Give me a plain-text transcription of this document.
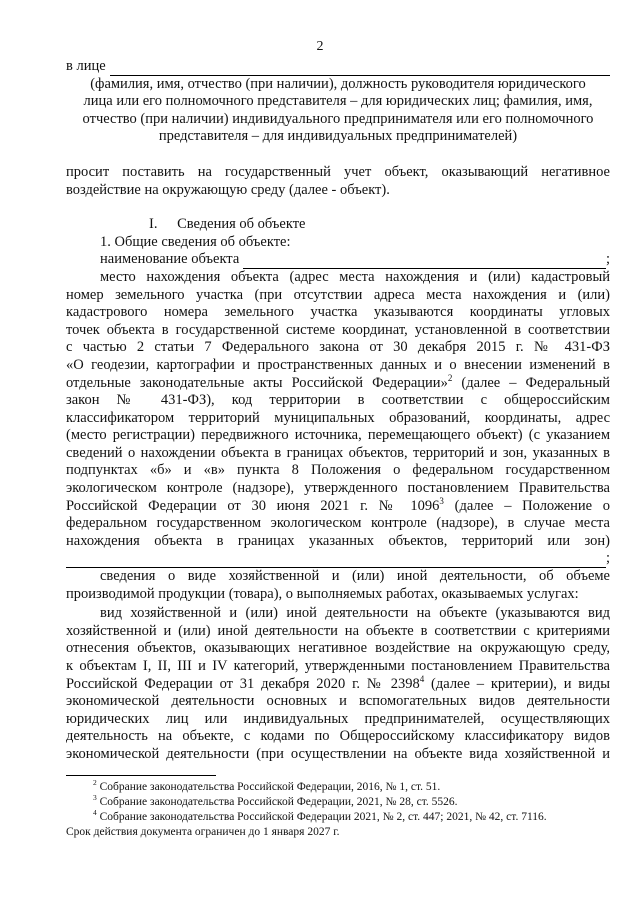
2
в лице
(фамилия, имя, отчество (при наличии), должность руководителя юридического
лица или его полномочного представителя – для юридических лиц; фамилия, имя,
отчество (при наличии) индивидуального предпринимателя или его полномочного
представителя – для индивидуальных предпринимателей)
просит поставить на государственный учет объект, оказывающий негативное
воздействие на окружающую среду (далее - объект).
I. Сведения об объекте
1. Общие сведения об объекте:
наименование объекта	;
место нахождения объекта (адрес места нахождения и (или) кадастровый
номер земельного участка (при отсутствии адреса места нахождения и (или)
кадастрового номера земельного участка указываются координаты угловых
точек объекта в государственной системе координат, установленной в соответствии
с частью 2 статьи 7 Федерального закона от 30 декабря 2015 г. № 431-ФЗ
«О геодезии, картографии и пространственных данных и о внесении изменений в
отдельные законодательные акты Российской Федерации»$^2$ (далее – Федеральный
закон № 431-ФЗ), код территории в соответствии с общероссийским
классификатором территорий муниципальных образований, координаты, адрес
(место регистрации) передвижного источника, перемещающего объект) (с указанием
сведений о нахождении объекта в границах объектов, территорий и зон, указанных в
подпунктах «б» и «в» пункта 8 Положения о федеральном государственном
экологическом контроле (надзоре), утвержденного постановлением Правительства
Российской Федерации от 30 июня 2021 г. № 1096$^3$ (далее – Положение о
федеральном государственном экологическом контроле (надзоре), в случае места
нахождения объекта в границах указанных объектов, территорий или зон)
;
сведения о виде хозяйственной и (или) иной деятельности, об объеме
производимой продукции (товара), о выполняемых работах, оказываемых услугах:
вид хозяйственной и (или) иной деятельности на объекте (указываются вид
хозяйственной и (или) иной деятельности на объекте в соответствии с критериями
отнесения объектов, оказывающих негативное воздействие на окружающую среду,
к объектам I, II, III и IV категорий, утвержденными постановлением Правительства
Российской Федерации от 31 декабря 2020 г. № 2398$^4$ (далее – критерии), и виды
экономической деятельности основных и вспомогательных видов деятельности
юридических лиц или индивидуальных предпринимателей, осуществляющих
деятельность на объекте, с кодами по Общероссийскому классификатору видов
экономической деятельности (при осуществлении на объекте вида хозяйственной и
$^2$ Собрание законодательства Российской Федерации, 2016, № 1, ст. 51.
$^3$ Собрание законодательства Российской Федерации, 2021, № 28, ст. 5526.
$^4$ Собрание законодательства Российской Федерации 2021, № 2, ст. 447; 2021, № 42, ст. 7116.
Срок действия документа ограничен до 1 января 2027 г.
